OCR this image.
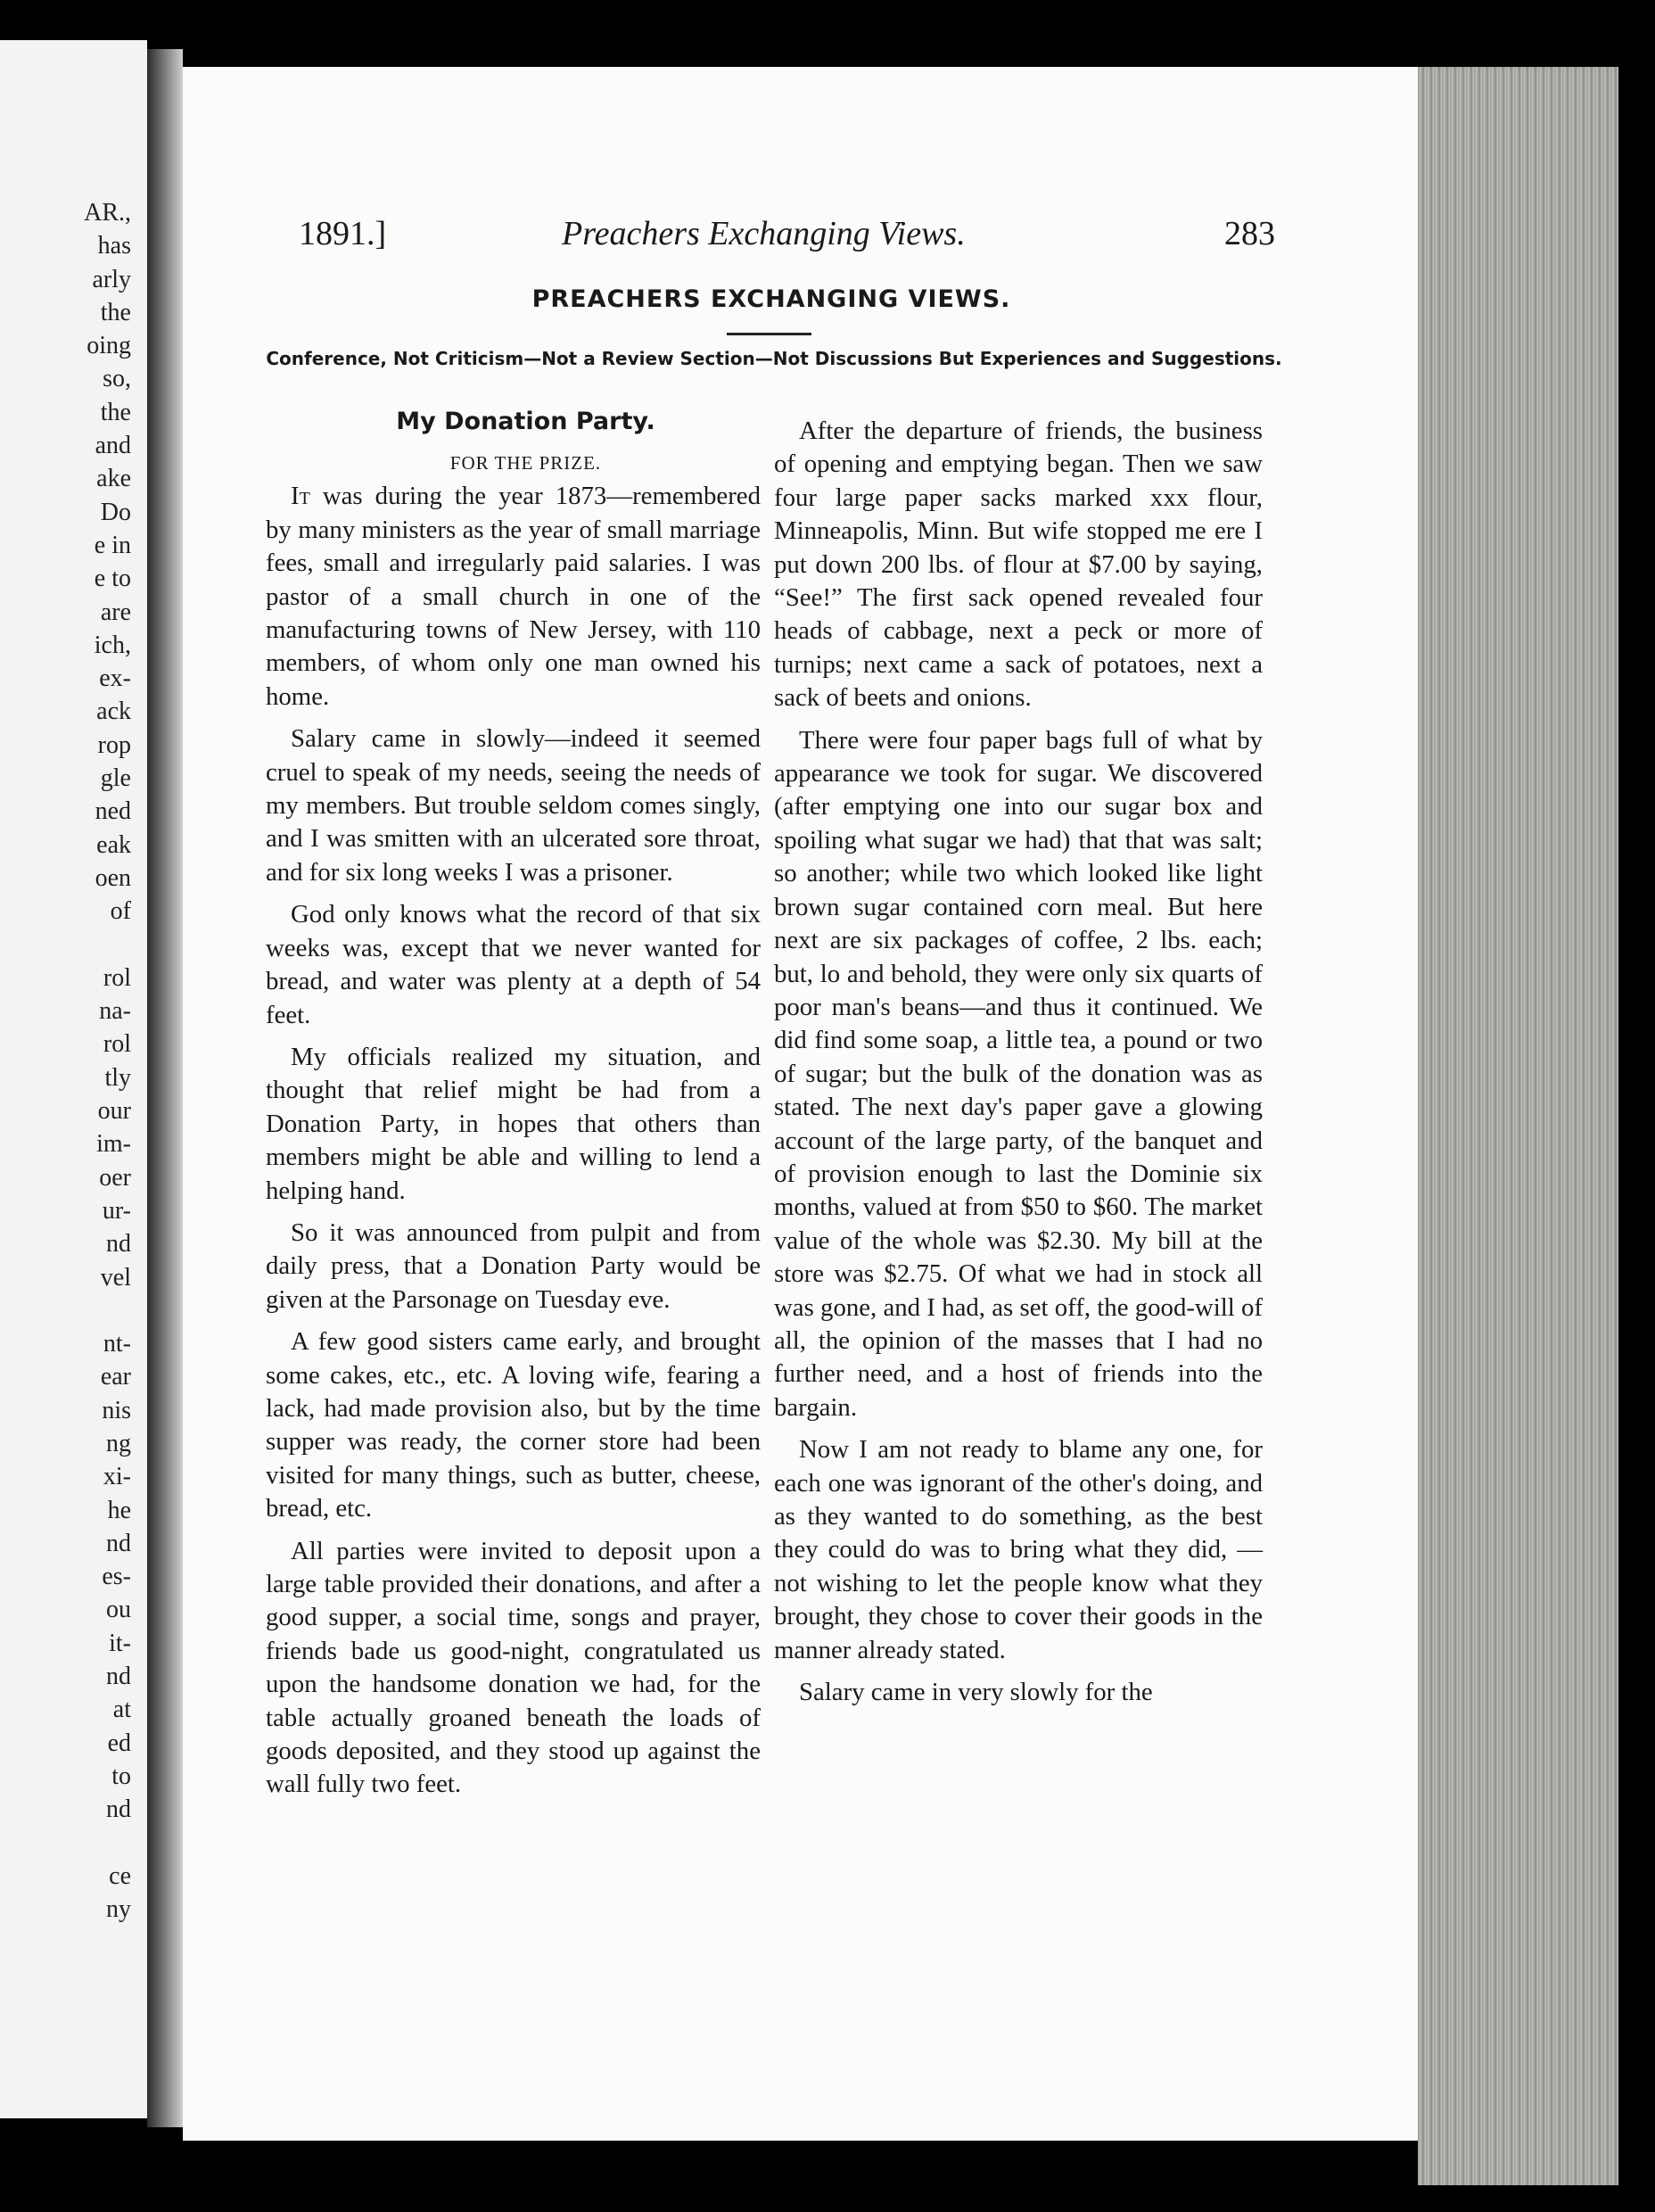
AR.,
has
arly
the
oing
so,
the
and
ake
Do
e in
e to
are
ich,
ex-
ack
rop
gle
ned
eak
oen
of

rol
na-
rol
tly
our
im-
oer
ur-
nd
vel

nt-
ear
nis
ng
xi-
he
nd
es-
ou
it-
nd
at
ed
to
nd

ce
ny
1891.]	Preachers Exchanging Views.	283
PREACHERS EXCHANGING VIEWS.
Conference, Not Criticism—Not a Review Section—Not Discussions But Experiences and Suggestions.

My Donation Party.

FOR THE PRIZE.

It was during the year 1873—remembered by many ministers as the year of small marriage fees, small and irregularly paid salaries. I was pastor of a small church in one of the manufacturing towns of New Jersey, with 110 members, of whom only one man owned his home.

Salary came in slowly—indeed it seemed cruel to speak of my needs, seeing the needs of my members. But trouble seldom comes singly, and I was smitten with an ulcerated sore throat, and for six long weeks I was a prisoner.

God only knows what the record of that six weeks was, except that we never wanted for bread, and water was plenty at a depth of 54 feet.

My officials realized my situation, and thought that relief might be had from a Donation Party, in hopes that others than members might be able and willing to lend a helping hand.

So it was announced from pulpit and from daily press, that a Donation Party would be given at the Parsonage on Tuesday eve.

A few good sisters came early, and brought some cakes, etc., etc. A loving wife, fearing a lack, had made provision also, but by the time supper was ready, the corner store had been visited for many things, such as butter, cheese, bread, etc.

All parties were invited to deposit upon a large table provided their donations, and after a good supper, a social time, songs and prayer, friends bade us good-night, congratulated us upon the handsome donation we had, for the table actually groaned beneath the loads of goods deposited, and they stood up against the wall fully two feet.

After the departure of friends, the business of opening and emptying began. Then we saw four large paper sacks marked xxx flour, Minneapolis, Minn. But wife stopped me ere I put down 200 lbs. of flour at $7.00 by saying, “See!” The first sack opened revealed four heads of cabbage, next a peck or more of turnips; next came a sack of potatoes, next a sack of beets and onions.

There were four paper bags full of what by appearance we took for sugar. We discovered (after emptying one into our sugar box and spoiling what sugar we had) that that was salt; so another; while two which looked like light brown sugar contained corn meal. But here next are six packages of coffee, 2 lbs. each; but, lo and behold, they were only six quarts of poor man's beans—and thus it continued. We did find some soap, a little tea, a pound or two of sugar; but the bulk of the donation was as stated. The next day's paper gave a glowing account of the large party, of the banquet and of provision enough to last the Dominie six months, valued at from $50 to $60. The market value of the whole was $2.30. My bill at the store was $2.75. Of what we had in stock all was gone, and I had, as set off, the good-will of all, the opinion of the masses that I had no further need, and a host of friends into the bargain.

Now I am not ready to blame any one, for each one was ignorant of the other's doing, and as they wanted to do something, as the best they could do was to bring what they did, —not wishing to let the people know what they brought, they chose to cover their goods in the manner already stated.

Salary came in very slowly for the
